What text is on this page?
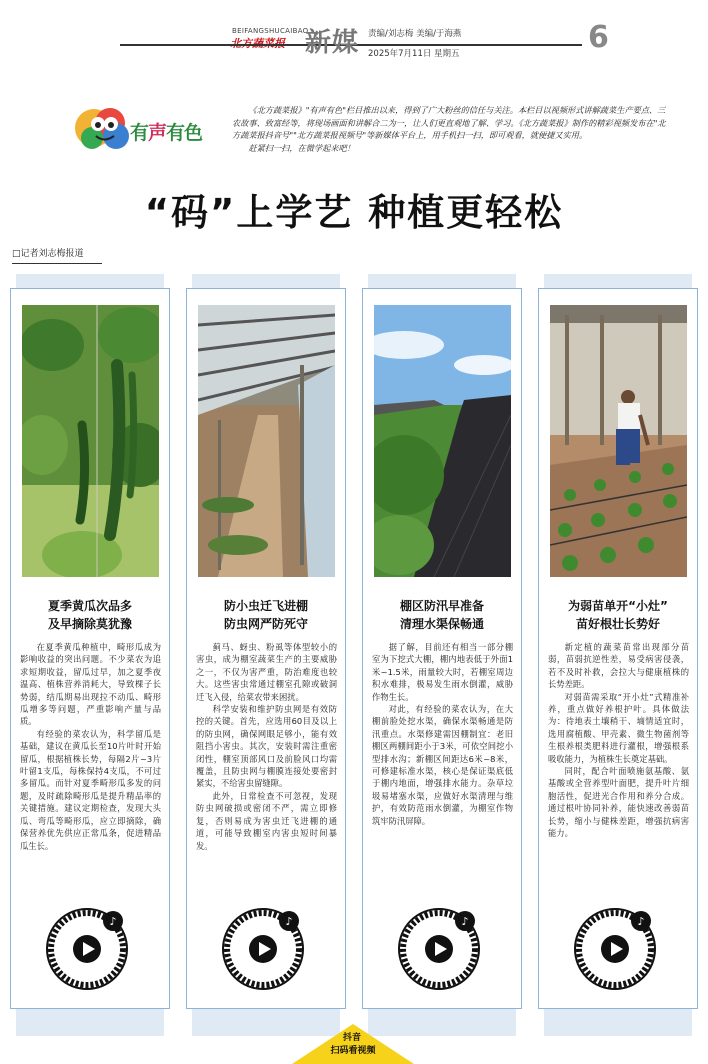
BEIFANGSHUCAIBAO
新媒 责编/刘志梅 美编/于海燕
2025年7月11日 星期五	6
有声有色

《北方蔬菜报》"有声有色"栏目推出以来，得到了广大粉丝的信任与关注。本栏目以视频形式讲解蔬菜生产要点、三农故事、致富经等，将现场画面和讲解合二为一，让人们更直观地了解、学习。《北方蔬菜报》制作的精彩视频发布在"北方蔬菜报抖音号""北方蔬菜报视频号"等新媒体平台上，用手机扫一扫，即可观看，就便捷又实用。

赶紧扫一扫，在微学起来吧！

“码”上学艺 种植更轻松
□记者刘志梅报道
夏季黄瓜次品多
及早摘除莫犹豫

在夏季黄瓜种植中，畸形瓜成为影响收益的突出问题。不少菜农为追求短期收益，留瓜过早，加之夏季夜温高、植株营养消耗大，导致棵子长势弱，结瓜期易出现拉不动瓜、畸形瓜增多等问题，严重影响产量与品质。

有经验的菜农认为，科学留瓜是基础，建议在黄瓜长至10片叶时开始留瓜，根据植株长势，每隔2片~3片叶留1支瓜，每株保持4支瓜，不可过多留瓜。而针对夏季畸形瓜多发的问题，及时疏除畸形瓜是提升精品率的关键措施。建议定期检查，发现大头瓜、弯瓜等畸形瓜，应立即摘除，确保营养优先供应正常瓜条，促进精品瓜生长。

♪
防小虫迁飞进棚
防虫网严防死守

蓟马、蚜虫、粉虱等体型较小的害虫，成为棚室蔬菜生产的主要威胁之一，不仅为害严重，防治难度也较大。这些害虫常通过棚室孔隙或破洞迁飞入侵，给菜农带来困扰。

科学安装和维护防虫网是有效防控的关键。首先，应选用60目及以上的防虫网，确保网眼足够小，能有效阻挡小害虫。其次，安装时需注重密闭性，棚室顶部风口及前脸风口均需覆盖，且防虫网与棚膜连接处要密封紧实，不给害虫留缝隙。

此外，日常检查不可忽视，发现防虫网破损或密闭不严，需立即修复，否则易成为害虫迁飞进棚的通道，可能导致棚室内害虫短时间暴发。

♪
棚区防汛早准备
清理水渠保畅通

据了解，目前还有相当一部分棚室为下挖式大棚，棚内地表低于外面1米~1.5米，雨量较大时，若棚室周边积水难排，极易发生雨水倒灌，威胁作物生长。

对此，有经验的菜农认为，在大棚前脸处挖水渠，确保水渠畅通是防汛重点。水渠修建需因棚制宜：老旧棚区两棚间距小于3米，可依空间挖小型排水沟；新棚区间距达6米~8米，可修建标准水渠，核心是保证渠底低于棚内地面，增强排水能力。杂草垃圾易堵塞水渠，应做好水渠清理与维护，有效防范雨水倒灌，为棚室作物筑牢防汛屏障。

♪
为弱苗单开“小灶”
苗好根壮长势好

新定植的蔬菜苗常出现部分苗弱，苗弱抗逆性差，易受病害侵袭，若不及时补救，会拉大与健康植株的长势差距。

对弱苗需采取“开小灶”式精准补养，重点做好养根护叶。具体做法为：待地表土壤稍干、墒情适宜时，选用腐植酸、甲壳素、微生物菌剂等生根养根类肥料进行灌根，增强根系吸收能力，为植株生长奠定基础。

同时，配合叶面喷施氨基酸、氨基酸或全营养型叶面肥，提升叶片细胞活性，促进光合作用和养分合成。通过根叶协同补养，能快速改善弱苗长势，缩小与健株差距，增强抗病害能力。

♪
抖音
扫码看视频
